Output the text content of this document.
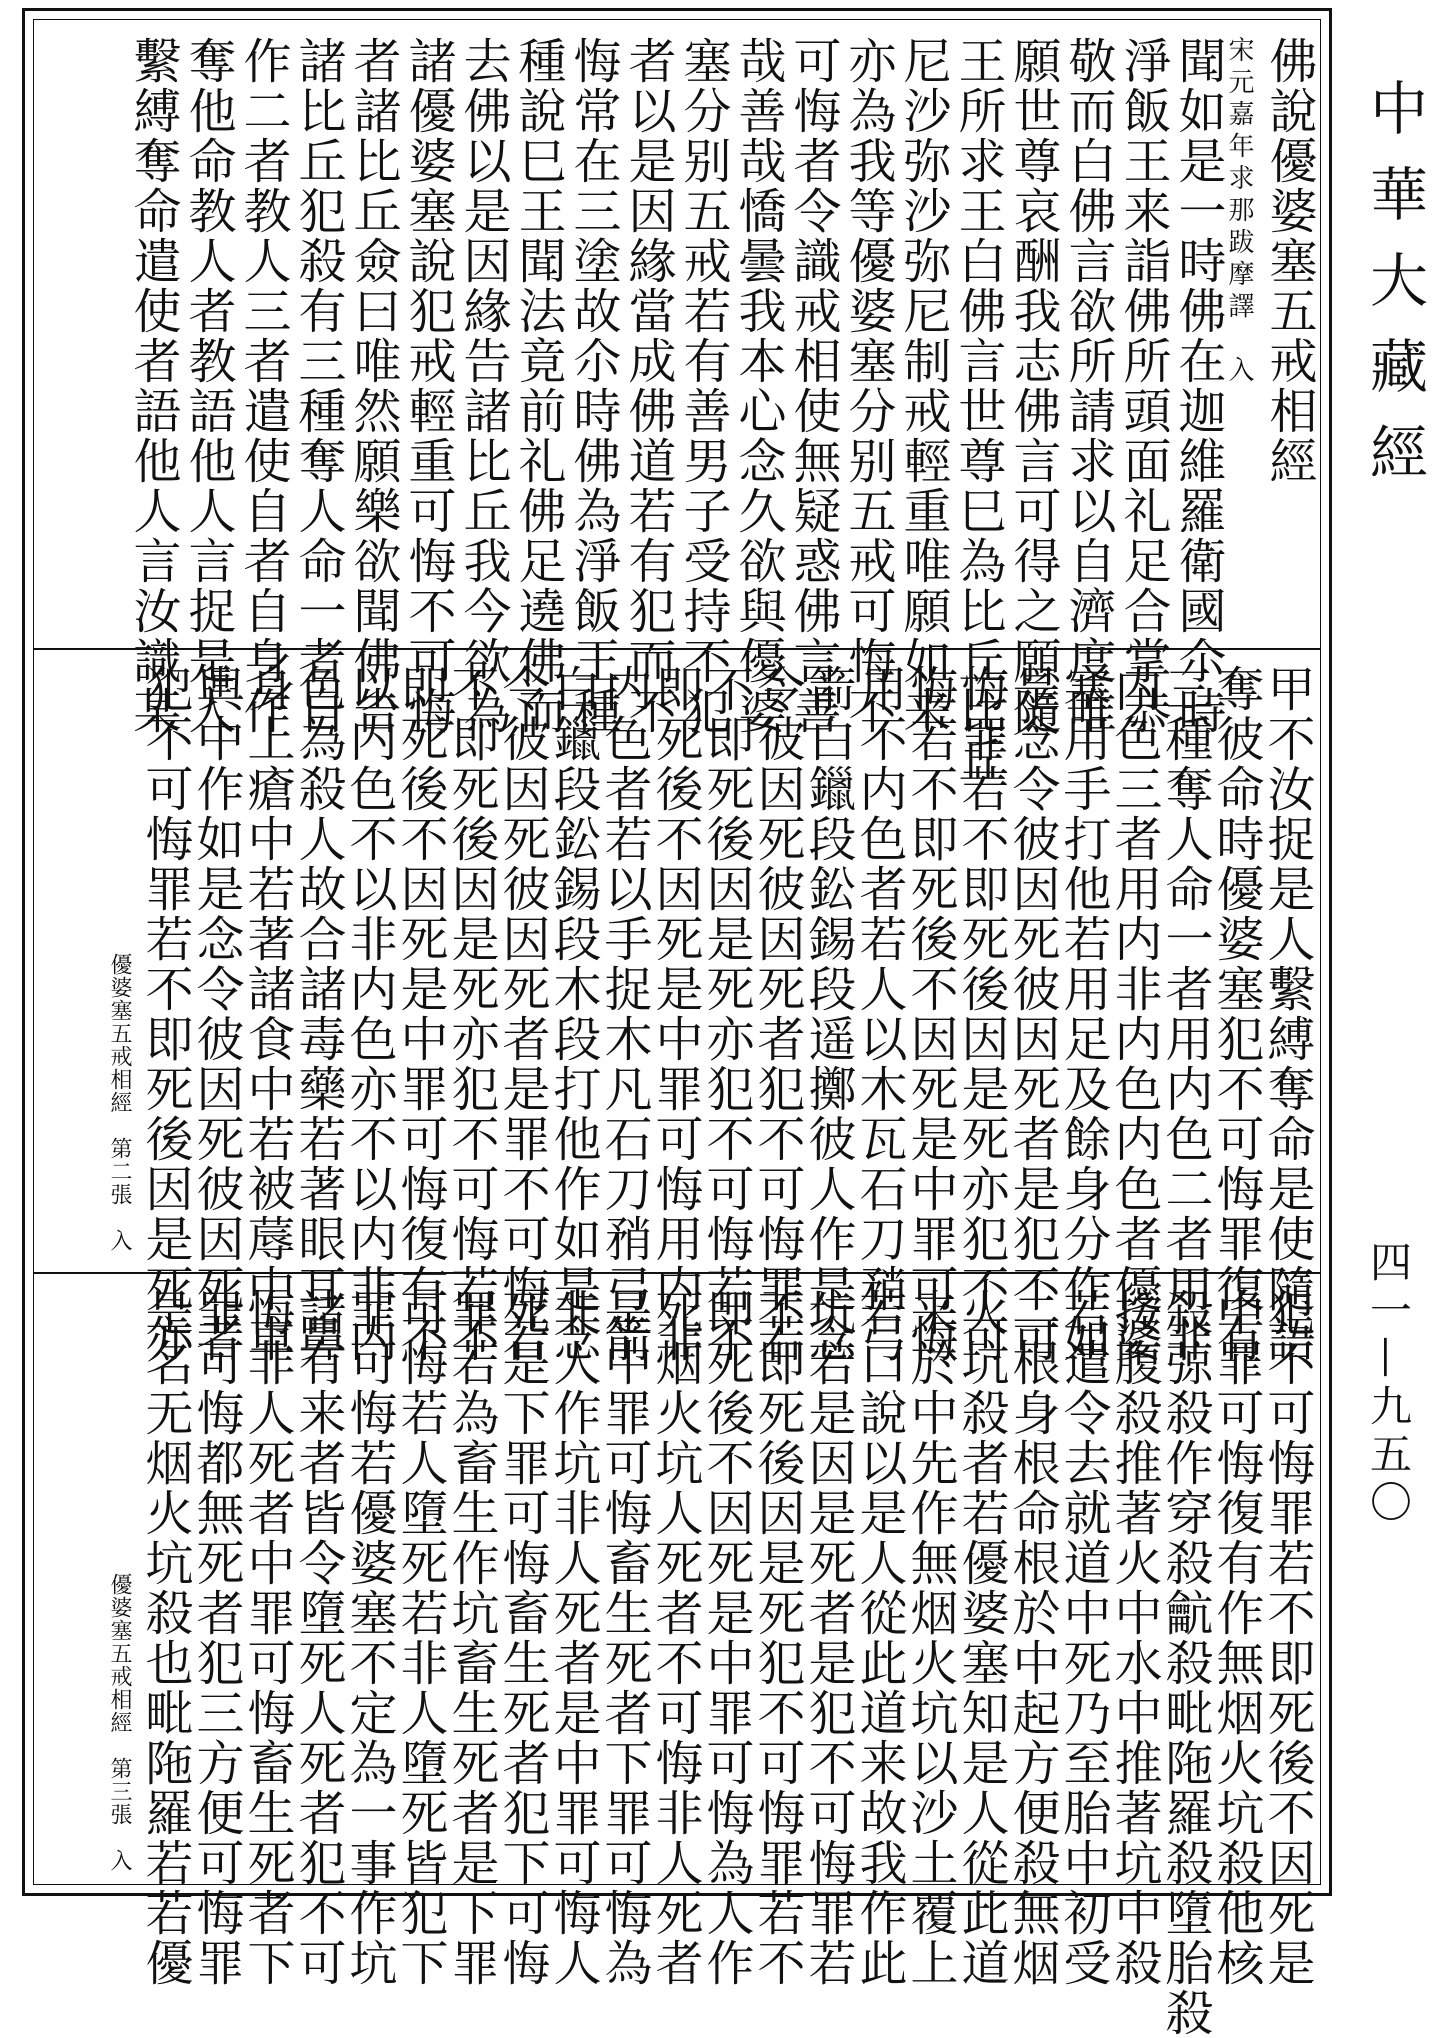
佛說優婆塞五戒相經
宋元嘉年求那跋摩譯　入
聞如是一時佛在迦維羅衛國尒時
淨飯王来詣佛所頭面礼足合掌恭
敬而白佛言欲所請求以自濟度唯
願世尊哀酬我志佛言可得之願隨
王所求王白佛言世尊巳為比丘比丘
尼沙弥沙弥尼制戒輕重唯願如来
亦為我等優婆塞分别五戒可悔不
可悔者令識戒相使無疑惑佛言善
哉善哉憍曇我本心念久欲與優婆
塞分别五戒若有善男子受持不犯
者以是因緣當成佛道若有犯而不
悔常在三塗故尒時佛為淨飯王種
種說巳王聞法竟前礼佛足遶佛而
去佛以是因緣告諸比丘我今欲為
諸優婆塞說犯戒輕重可悔不可悔
者諸比丘僉曰唯然願樂欲聞佛告
諸比丘犯殺有三種奪人命一者自
作二者教人三者遣使自者自身作
奪他命教人者教語他人言捉是人
繫縛奪命遣使者語他人言汝識某
甲不汝捉是人繫縛奪命是使隨語
奪彼命時優婆塞犯不可悔罪復有
三種奪人命一者用内色二者用非
内色三者用内非内色内色者優婆
塞用手打他若用足及餘身分作如
是念令彼因死彼因死者是犯不可
悔罪若不即死後因是死亦犯不可
悔若不即死後不因死是中罪可悔
用不内色者若人以木瓦石刀矟弓
箭白鑞段鈆錫段遥擲彼人作是念
令彼因死彼因死者犯不可悔罪若
不即死後因是死亦犯不可悔若不
即死後不因死是中罪可悔用内非
内色者若以手捉木凡石刀矟弓箭
白鑞段鈆錫段木段打他作如是念
令彼因死彼因死者是罪不可悔若
不即死後因是死亦犯不可悔若不
即死後不因死是中罪可悔復有不
以内色不以非内色亦不以内非内
色為殺人故合諸毒藥若著眼耳鼻
身上瘡中若著諸食中若被蓐中車
輿中作如是念令彼因死彼因死者
犯不可悔罪若不即死後因是死亦
優婆塞五戒相經　第二張　入
犯不可悔罪若不即死後不因死是
中罪可悔復有作無烟火坑殺他核
殺弶殺作穿殺䶳殺毗陁羅殺墮胎殺
按腹殺推著火中水中推著坑中殺
若遣令去就道中死乃至胎中初受
二根身根命根於中起方便殺無烟
火坑殺者若優婆塞知是人從此道
来於中先作無烟火坑以沙土覆上
若口說以是人從此道来故我作此
坑若是因是死者是犯不可悔罪若
不即死後因是死犯不可悔罪若不
即死後不因死是中罪可悔為人作
死烟火坑人死者不可悔非人死者
是中罪可悔畜生死者下罪可悔為
非人作坑非人死者是中罪可悔人
死是下罪可悔畜生死者犯下可悔
罪若為畜生作坑畜生死者是下罪
可悔若人墮死若非人墮死皆犯下
罪可悔若優婆塞不定為一事作坑
諸有来者皆令墮死人死者犯不可
悔非人死者中罪可悔畜生死者下
罪可悔都無死者犯三方便可悔罪
是名无烟火坑殺也毗陁羅若若優
優婆塞五戒相經　第三張　入
中華大藏經
四一—九五〇
